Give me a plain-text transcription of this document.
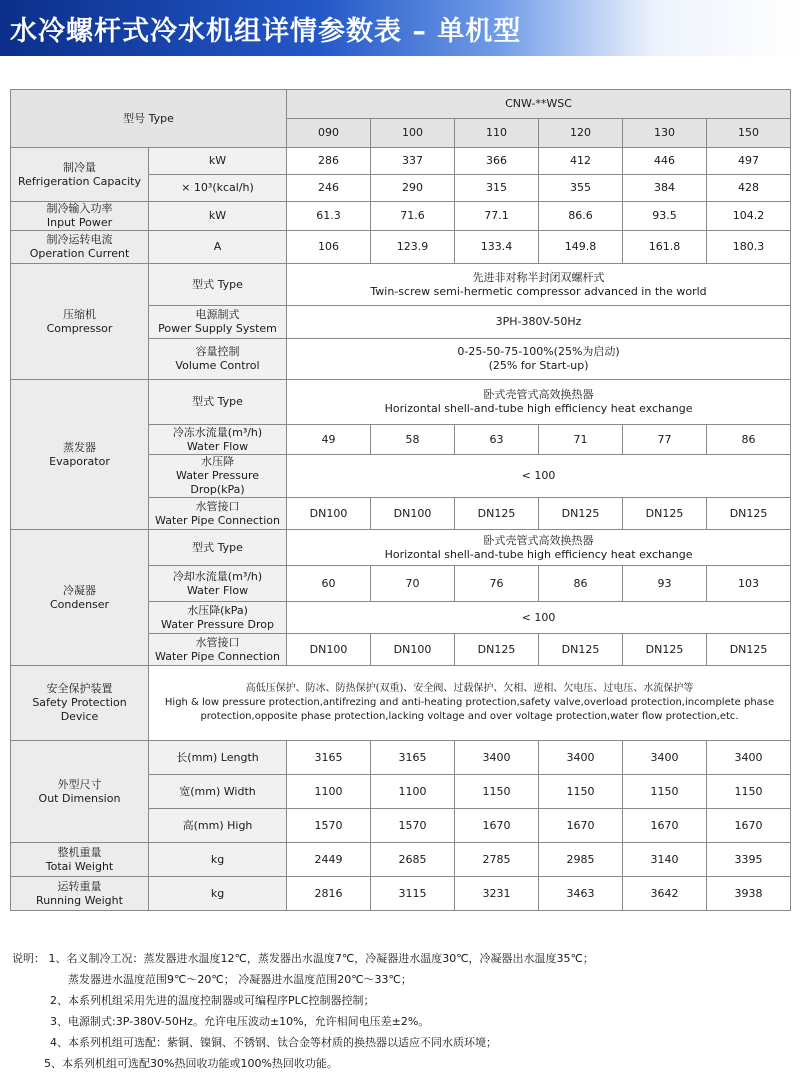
水冷螺杆式冷水机组详情参数表 – 单机型
型号 Type		CNW-**WSC					
		090	100	110	120	130	150

制冷量
Refrigeration Capacity	kW	286	337	366	412	446	497
	× 10³(kcal/h)	246	290	315	355	384	428

制冷输入功率
Input Power	kW	61.3	71.6	77.1	86.6	93.5	104.2

制冷运转电流
Operation Current	A	106	123.9	133.4	149.8	161.8	180.3

压缩机
Compressor	型式 Type	先进非对称半封闭双螺杆式
Twin-screw semi-hermetic compressor advanced in the world					

	电源制式
Power Supply System	3PH-380V-50Hz					

	容量控制
Volume Control	0-25-50-75-100%(25%为启动)
(25% for Start-up)					

蒸发器
Evaporator	型式 Type	卧式壳管式高效换热器
Horizontal shell-and-tube high efficiency heat exchange					

	冷冻水流量(m³/h)
Water Flow	49	58	63	71	77	86

	水压降
Water Pressure Drop(kPa)	< 100					

	水管接口
Water Pipe Connection	DN100	DN100	DN125	DN125	DN125	DN125

冷凝器
Condenser	型式 Type	卧式壳管式高效换热器
Horizontal shell-and-tube high efficiency heat exchange					

	冷却水流量(m³/h)
Water Flow	60	70	76	86	93	103

	水压降(kPa)
Water Pressure Drop	< 100					

	水管接口
Water Pipe Connection	DN100	DN100	DN125	DN125	DN125	DN125

安全保护装置
Safety Protection Device	高低压保护、防冰、防热保护(双重)、安全阀、过载保护、欠相、逆相、欠电压、过电压、水流保护等
High & low pressure protection,antifrezing and anti-heating protection,safety valve,overload protection,incomplete phase
protection,opposite phase protection,lacking voltage and over voltage protection,water flow protection,etc.						

外型尺寸
Out Dimension	长(mm) Length	3165	3165	3400	3400	3400	3400
	宽(mm) Width	1100	1100	1150	1150	1150	1150
	高(mm) High	1570	1570	1670	1670	1670	1670

整机重量
Totai Weight	kg	2449	2685	2785	2985	3140	3395

运转重量
Running Weight	kg	2816	3115	3231	3463	3642	3938
说明： 1、名义制冷工况：蒸发器进水温度12℃，蒸发器出水温度7℃，冷凝器进水温度30℃，冷凝器出水温度35℃；
蒸发器进水温度范围9℃～20℃； 冷凝器进水温度范围20℃～33℃；
2、本系列机组采用先进的温度控制器或可编程序PLC控制器控制；
3、电源制式:3P-380V-50Hz。允许电压波动±10%，允许相间电压差±2%。
4、本系列机组可选配：紫铜、镍铜、不锈钢、钛合金等材质的换热器以适应不同水质环境；
5、本系列机组可选配30%热回收功能或100%热回收功能。
